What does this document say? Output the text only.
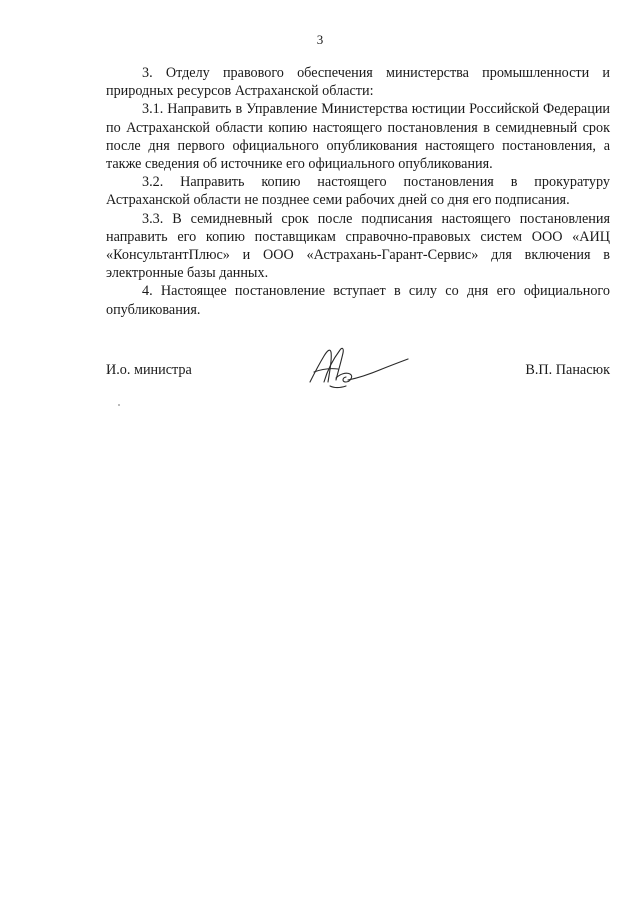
3

3. Отделу правового обеспечения министерства промышленности и природных ресурсов Астраханской области:

3.1. Направить в Управление Министерства юстиции Российской Федерации по Астраханской области копию настоящего постановления в семидневный срок после дня первого официального опубликования настоящего постановления, а также сведения об источнике его официального опубликования.

3.2. Направить копию настоящего постановления в прокуратуру Астраханской области не позднее семи рабочих дней со дня его подписания.

3.3. В семидневный срок после подписания настоящего постановления направить его копию поставщикам справочно-правовых систем ООО «АИЦ «КонсультантПлюс» и ООО «Астрахань-Гарант-Сервис» для включения в электронные базы данных.

4. Настоящее постановление вступает в силу со дня его официального опубликования.

И.о. министра	В.П. Панасюк
